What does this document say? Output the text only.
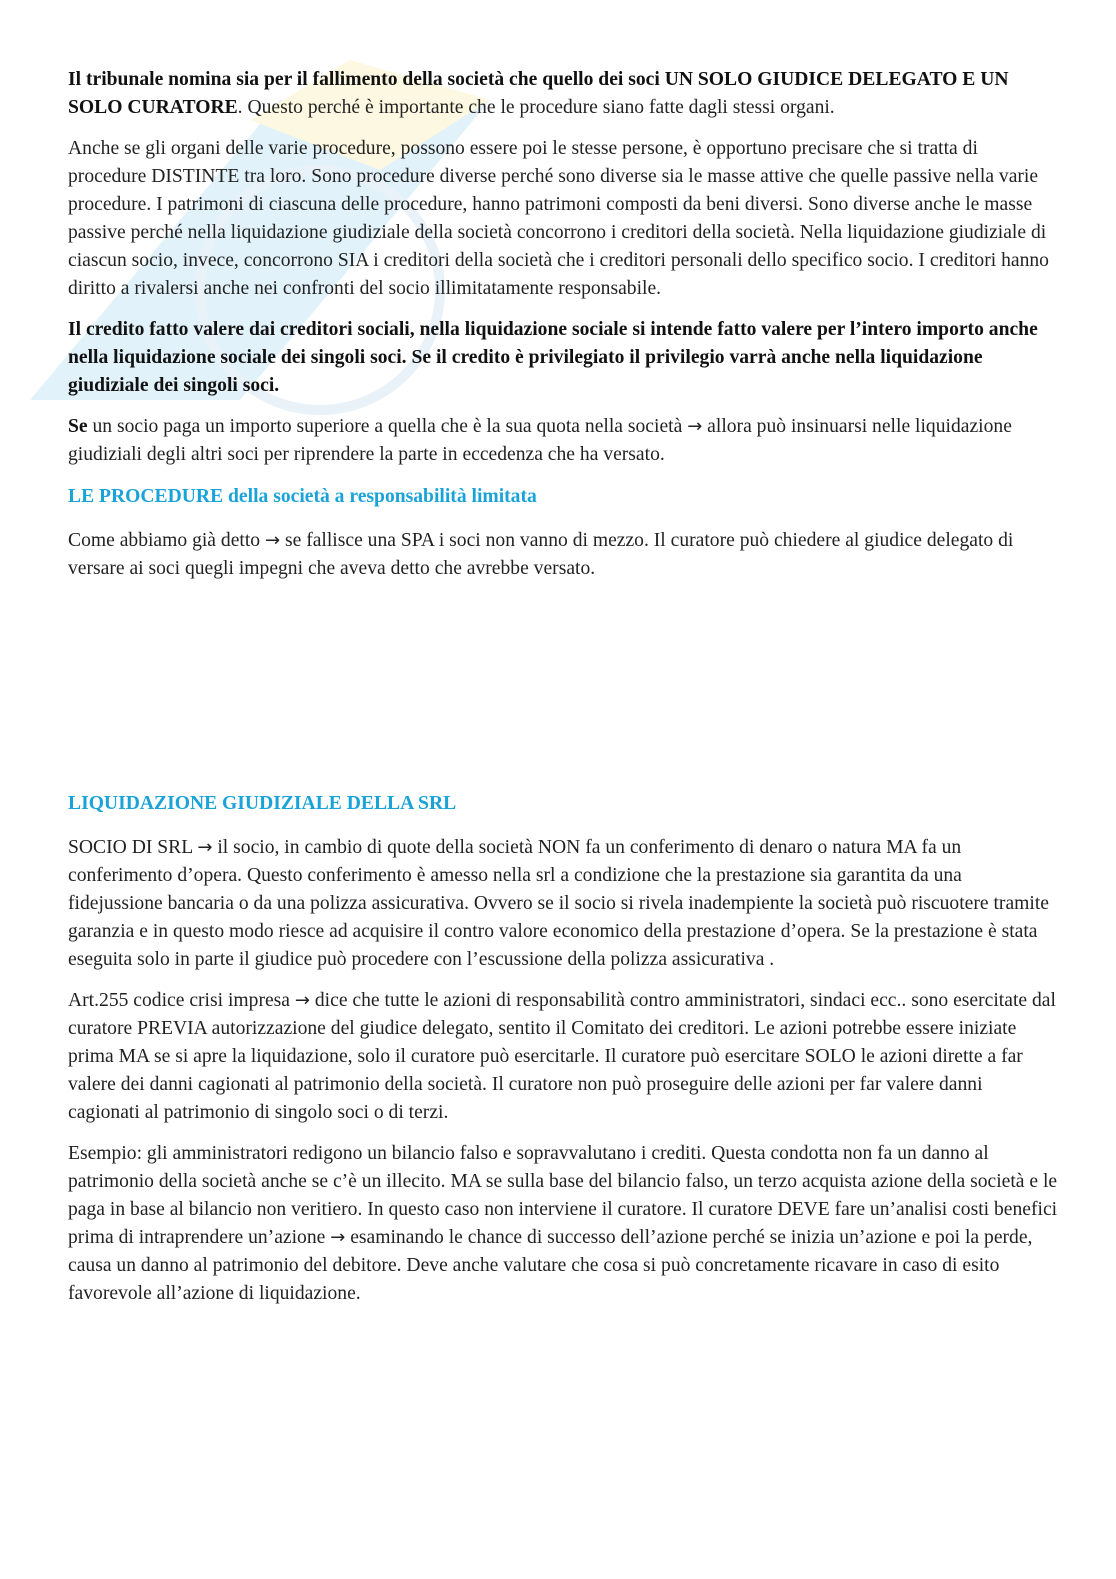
Il tribunale nomina sia per il fallimento della società che quello dei soci UN SOLO GIUDICE DELEGATO E UN SOLO CURATORE. Questo perché è importante che le procedure siano fatte dagli stessi organi.

Anche se gli organi delle varie procedure, possono essere poi le stesse persone, è opportuno precisare che si tratta di procedure DISTINTE tra loro. Sono procedure diverse perché sono diverse sia le masse attive che quelle passive nella varie procedure. I patrimoni di ciascuna delle procedure, hanno patrimoni composti da beni diversi. Sono diverse anche le masse passive perché nella liquidazione giudiziale della società concorrono i creditori della società. Nella liquidazione giudiziale di ciascun socio, invece, concorrono SIA i creditori della società che i creditori personali dello specifico socio. I creditori hanno diritto a rivalersi anche nei confronti del socio illimitatamente responsabile.

Il credito fatto valere dai creditori sociali, nella liquidazione sociale si intende fatto valere per l’intero importo anche nella liquidazione sociale dei singoli soci. Se il credito è privilegiato il privilegio varrà anche nella liquidazione giudiziale dei singoli soci.

Se un socio paga un importo superiore a quella che è la sua quota nella società → allora può insinuarsi nelle liquidazione giudiziali degli altri soci per riprendere la parte in eccedenza che ha versato.

LE PROCEDURE della società a responsabilità limitata

Come abbiamo già detto → se fallisce una SPA i soci non vanno di mezzo. Il curatore può chiedere al giudice delegato di versare ai soci quegli impegni che aveva detto che avrebbe versato.

LIQUIDAZIONE GIUDIZIALE DELLA SRL

SOCIO DI SRL → il socio, in cambio di quote della società NON fa un conferimento di denaro o natura MA fa un conferimento d’opera. Questo conferimento è amesso nella srl a condizione che la prestazione sia garantita da una fidejussione bancaria o da una polizza assicurativa. Ovvero se il socio si rivela inadempiente la società può riscuotere tramite garanzia e in questo modo riesce ad acquisire il contro valore economico della prestazione d’opera. Se la prestazione è stata eseguita solo in parte il giudice può procedere con l’escussione della polizza assicurativa .

Art.255 codice crisi impresa → dice che tutte le azioni di responsabilità contro amministratori, sindaci ecc.. sono esercitate dal curatore PREVIA autorizzazione del giudice delegato, sentito il Comitato dei creditori. Le azioni potrebbe essere iniziate prima MA se si apre la liquidazione, solo il curatore può esercitarle. Il curatore può esercitare SOLO le azioni dirette a far valere dei danni cagionati al patrimonio della società. Il curatore non può proseguire delle azioni per far valere danni cagionati al patrimonio di singolo soci o di terzi.

Esempio: gli amministratori redigono un bilancio falso e sopravvalutano i crediti. Questa condotta non fa un danno al patrimonio della società anche se c’è un illecito. MA se sulla base del bilancio falso, un terzo acquista azione della società e le paga in base al bilancio non veritiero. In questo caso non interviene il curatore. Il curatore DEVE fare un’analisi costi benefici prima di intraprendere un’azione → esaminando le chance di successo dell’azione perché se inizia un’azione e poi la perde, causa un danno al patrimonio del debitore. Deve anche valutare che cosa si può concretamente ricavare in caso di esito favorevole all’azione di liquidazione.
